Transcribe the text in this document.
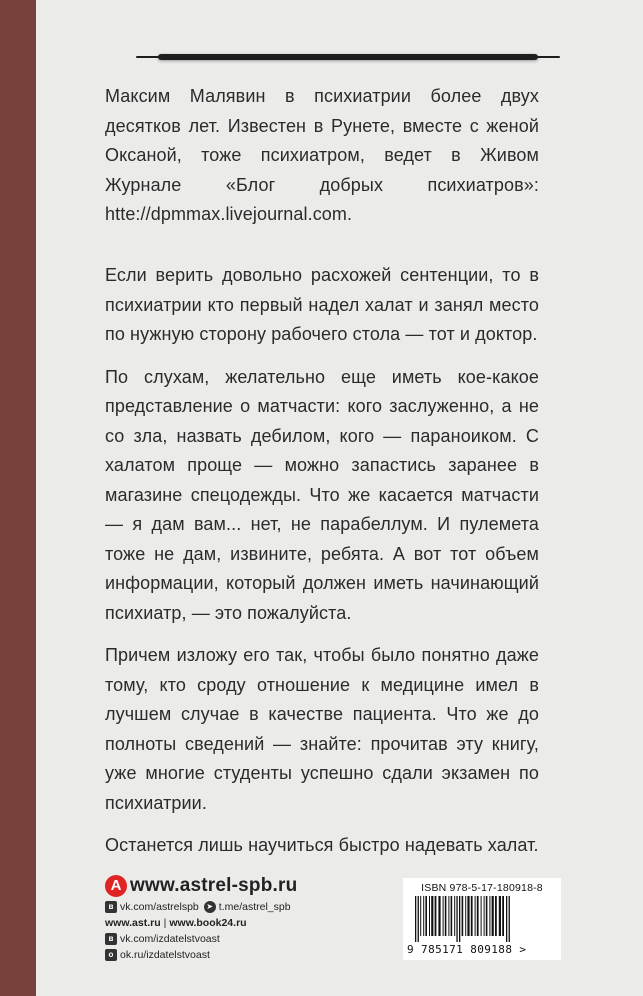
Максим Малявин в психиатрии более двух десятков лет. Известен в Рунете, вместе с женой Оксаной, тоже психиатром, ведет в Живом Журнале «Блог добрых психиатров»: htte://dpmmax.livejournal.com.

Если верить довольно расхожей сентенции, то в психиатрии кто первый надел халат и занял место по нужную сторону рабочего стола — тот и доктор.

По слухам, желательно еще иметь кое-какое представление о матчасти: кого заслуженно, а не со зла, назвать дебилом, кого — параноиком. С халатом проще — можно запастись заранее в магазине спецодежды. Что же касается матчасти — я дам вам... нет, не парабеллум. И пулемета тоже не дам, извините, ребята. А вот тот объем информации, который должен иметь начинающий психиатр, — это пожалуйста.

Причем изложу его так, чтобы было понятно даже тому, кто сроду отношение к медицине имел в лучшем случае в качестве пациента. Что же до полноты сведений — знайте: прочитав эту книгу, уже многие студенты успешно сдали экзамен по психиатрии.

Останется лишь научиться быстро надевать халат.

A www.astrel-spb.ru
в vk.com/astrelspb ➤ t.me/astrel_spb
www.ast.ru | www.book24.ru
в vk.com/izdatelstvoast
о ok.ru/izdatelstvoast
ISBN 978-5-17-180918-8
9 785171 809188 >
